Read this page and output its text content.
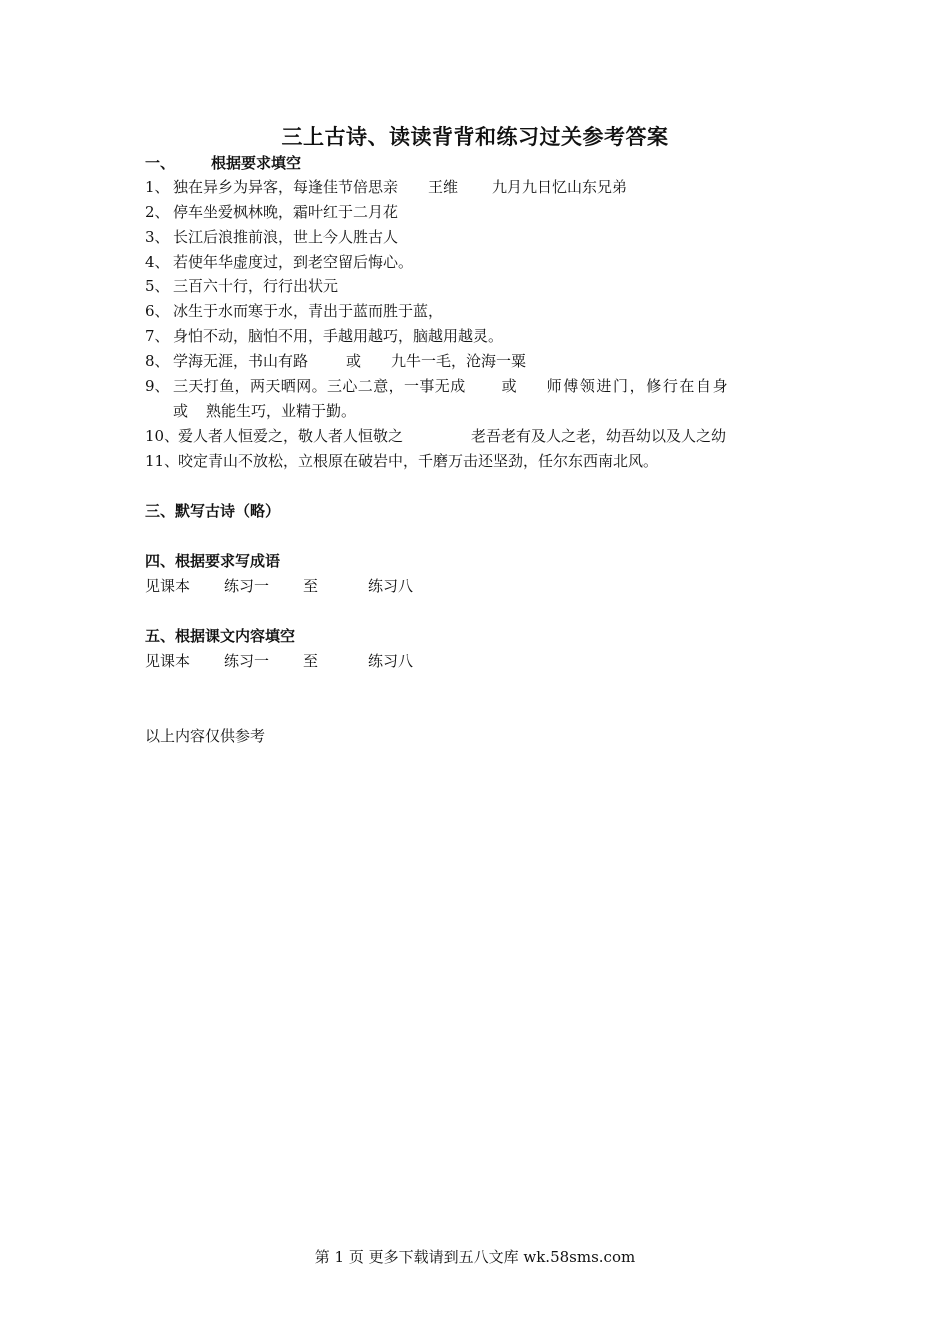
三上古诗、读读背背和练习过关参考答案
一、 根据要求填空
1、 独在异乡为异客，每逢佳节倍思亲 王维 九月九日忆山东兄弟
2、 停车坐爱枫林晚，霜叶红于二月花
3、 长江后浪推前浪，世上今人胜古人
4、 若使年华虚度过，到老空留后悔心。
5、 三百六十行，行行出状元
6、 冰生于水而寒于水，青出于蓝而胜于蓝，
7、 身怕不动，脑怕不用，手越用越巧，脑越用越灵。
8、 学海无涯，书山有路	或 九牛一毛，沧海一粟
9、 三天打鱼，两天晒网。三心二意，一事无成 或 师傅领进门，修行在自身
或 熟能生巧，业精于勤。
10、爱人者人恒爱之，敬人者人恒敬之	老吾老有及人之老，幼吾幼以及人之幼
11、咬定青山不放松，立根原在破岩中，千磨万击还坚劲，任尔东西南北风。
三、默写古诗（略）
四、根据要求写成语
见课本 练习一 至	练习八
五、根据课文内容填空
见课本 练习一 至	练习八
以上内容仅供参考
第 1 页 更多下载请到五八文库 wk.58sms.com
